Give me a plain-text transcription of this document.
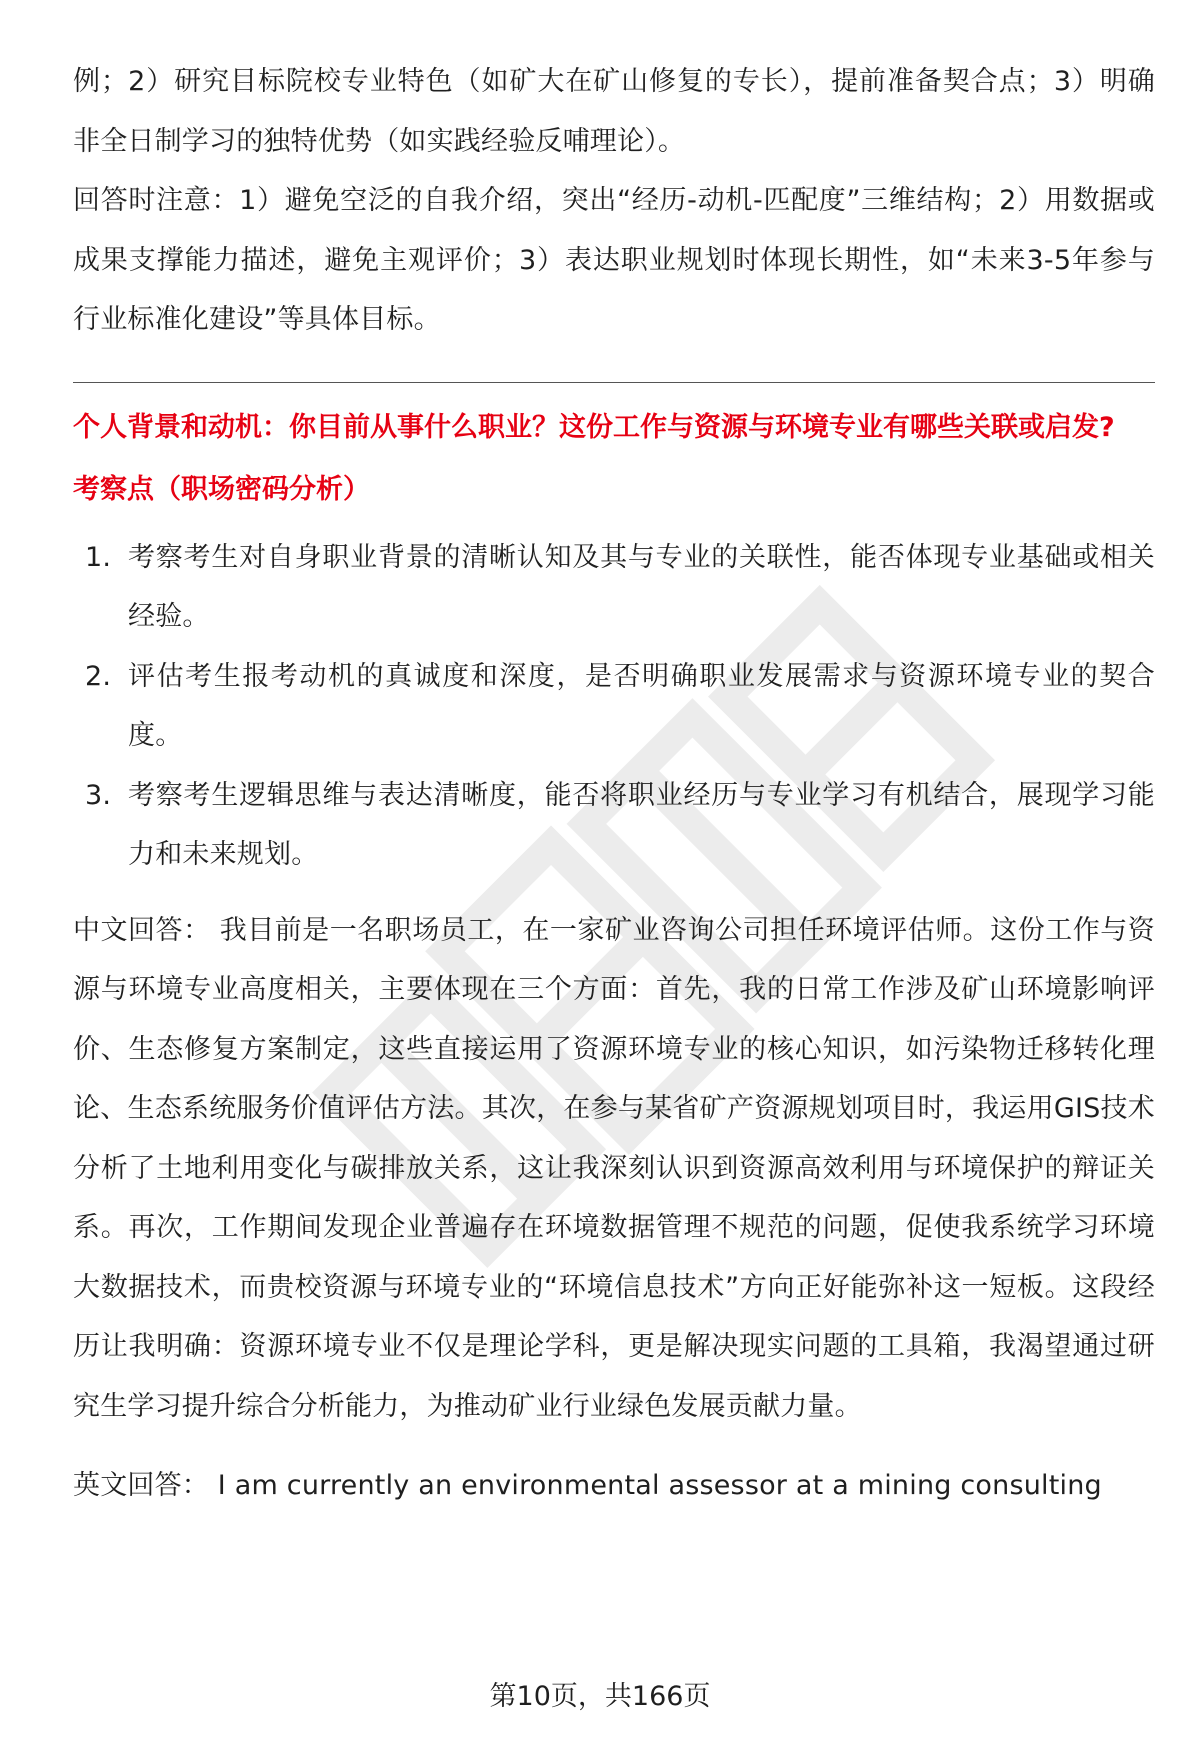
例；2）研究目标院校专业特色（如矿大在矿山修复的专长），提前准备契合点；3）明确非全日制学习的独特优势（如实践经验反哺理论）。

回答时注意：1）避免空泛的自我介绍，突出“经历-动机-匹配度”三维结构；2）用数据或成果支撑能力描述，避免主观评价；3）表达职业规划时体现长期性，如“未来3-5年参与行业标准化建设”等具体目标。

个人背景和动机：你目前从事什么职业？这份工作与资源与环境专业有哪些关联或启发?
考察点（职场密码分析）
1. 考察考生对自身职业背景的清晰认知及其与专业的关联性，能否体现专业基础或相关经验。
2. 评估考生报考动机的真诚度和深度，是否明确职业发展需求与资源环境专业的契合度。
3. 考察考生逻辑思维与表达清晰度，能否将职业经历与专业学习有机结合，展现学习能力和未来规划。

中文回答： 我目前是一名职场员工，在一家矿业咨询公司担任环境评估师。这份工作与资源与环境专业高度相关，主要体现在三个方面：首先，我的日常工作涉及矿山环境影响评价、生态修复方案制定，这些直接运用了资源环境专业的核心知识，如污染物迁移转化理论、生态系统服务价值评估方法。其次，在参与某省矿产资源规划项目时，我运用GIS技术分析了土地利用变化与碳排放关系，这让我深刻认识到资源高效利用与环境保护的辩证关系。再次，工作期间发现企业普遍存在环境数据管理不规范的问题，促使我系统学习环境大数据技术，而贵校资源与环境专业的“环境信息技术”方向正好能弥补这一短板。这段经历让我明确：资源环境专业不仅是理论学科，更是解决现实问题的工具箱，我渴望通过研究生学习提升综合分析能力，为推动矿业行业绿色发展贡献力量。

英文回答： I am currently an environmental assessor at a mining consulting

第10页，共166页
